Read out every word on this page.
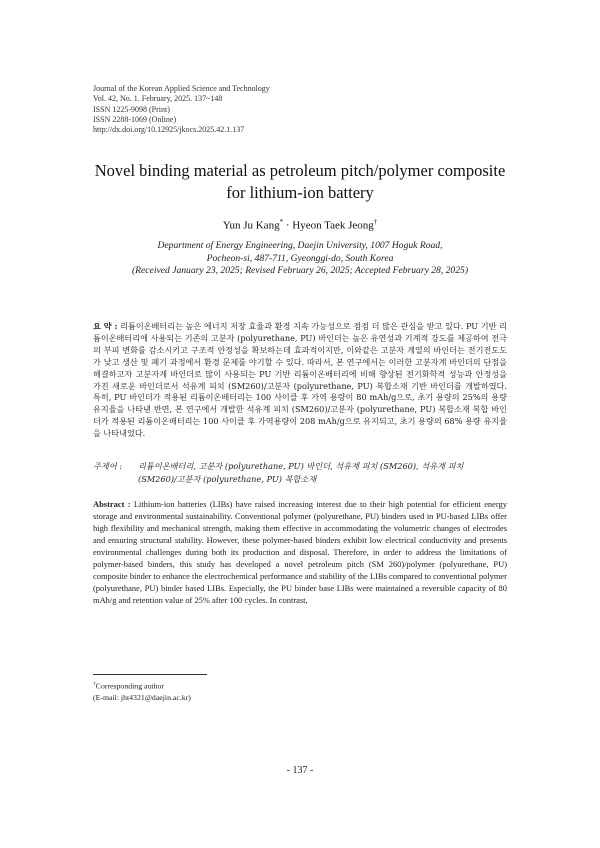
Journal of the Korean Applied Science and Technology
Vol. 42, No. 1. February, 2025. 137~148
ISSN 1225-9098 (Print)
ISSN 2288-1069 (Online)
http://dx.doi.org/10.12925/jkocs.2025.42.1.137
Novel binding material as petroleum pitch/polymer composite
for lithium-ion battery
Yun Ju Kang* · Hyeon Taek Jeong†
Department of Energy Engineering, Daejin University, 1007 Hoguk Road,
Pocheon-si, 487-711, Gyeonggi-do, South Korea
(Received January 23, 2025; Revised February 26, 2025; Accepted February 28, 2025)
요 약 : 리튬이온배터리는 높은 에너지 저장 효율과 환경 지속 가능성으로 점점 더 많은 관심을 받고 있다. PU 기반 리튬이온배터리에 사용되는 기존의 고분자 (polyurethane, PU) 바인더는 높은 유연성과 기계적 강도를 제공하여 전극의 부피 변화를 감소시키고 구조적 안정성을 확보하는데 효과적이지만, 이와같은 고분자 계열의 바인더는 전기전도도가 낮고 생산 및 폐기 과정에서 환경 문제를 야기할 수 있다. 따라서, 본 연구에서는 이러한 고분자계 바인더의 단점을 해결하고자 고분자계 바인더로 많이 사용되는 PU 기반 리튬이온배터리에 비해 향상된 전기화학적 성능과 안정성을 가진 새로운 바인더로서 석유계 피치 (SM260)/고분자 (polyurethane, PU) 복합소재 기반 바인더를 개발하였다. 특히, PU 바인더가 적용된 리튬이온배터리는 100 사이클 후 가역 용량이 80 mAh/g으로, 초기 용량의 25%의 용량 유지율을 나타낸 반면, 본 연구에서 개발한 석유계 피치 (SM260)/고분자 (polyurethane, PU) 복합소재 복합 바인더가 적용된 리튬이온배터리는 100 사이클 후 가역용량이 208 mAh/g으로 유지되고, 초기 용량의 68% 용량 유지율을 나타내었다.
주제어 : 리튬이온배터리, 고분자 (polyurethane, PU) 바인더, 석유계 피치 (SM260), 석유계 피치
(SM260)/고분자 (polyurethane, PU) 복합소재
Abstract : Lithium-ion batteries (LIBs) have raised increasing interest due to their high potential for efficient energy storage and environmental sustainability. Conventional polymer (polyurethane, PU) binders used in PU-based LIBs offer high flexibility and mechanical strength, making them effective in accommodating the volumetric changes of electrodes and ensuring structural stability. However, these polymer-based binders exhibit low electrical conductivity and presents environmental challenges during both its production and disposal. Therefore, in order to address the limitations of polymer-based binders, this study has developed a novel petroleum pitch (SM 260)/polymer (polyurethane, PU) composite binder to enhance the electrochemical performance and stability of the LIBs compared to conventional polymer (polyurethane, PU) binder based LIBs. Especially, the PU binder base LIBs were maintained a reversible capacity of 80 mAh/g and retention value of 25% after 100 cycles. In contrast,
†Corresponding author
(E-mail: jht4321@daejin.ac.kr)
- 137 -
